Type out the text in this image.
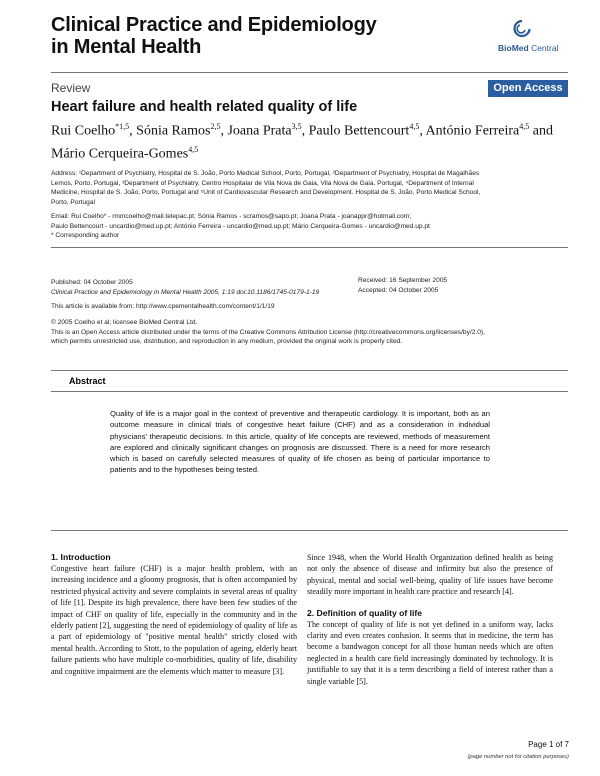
Clinical Practice and Epidemiology
in Mental Health	BioMed Central
Review	Open Access
Heart failure and health related quality of life
Rui Coelho$^{*1,5}$, Sónia Ramos$^{2,5}$, Joana Prata$^{3,5}$, Paulo Bettencourt$^{4,5}$, António Ferreira$^{4,5}$ and Mário Cerqueira-Gomes$^{4,5}$
Address: ¹Department of Psychiatry, Hospital de S. João, Porto Medical School, Porto, Portugal, ²Department of Psychiatry, Hospital de Magalhães
Lemos, Porto, Portugal, ³Department of Psychiatry, Centro Hospitalar de Vila Nova de Gaia, Vila Nova de Gaia, Portugal, ⁴Department of Internal
Medicine, Hospital de S. João, Porto, Portugal and ⁵Unit of Cardiovascular Research and Development. Hospital de S. João, Porto Medical School,
Porto, Portugal
Email: Rui Coelho* - rmmcoelho@mail.telepac.pt; Sónia Ramos - scramos@sapo.pt; Joana Prata - joanappr@hotmail.com;
Paulo Bettencourt - uncardio@med.up.pt; António Ferreira - uncardio@med.up.pt; Mário Cerqueira-Gomes - uncardio@med.up.pt
* Corresponding author
Published: 04 October 2005
Clinical Practice and Epidemiology in Mental Health 2005, 1:19 doi:10.1186/1745-0179-1-19
Received: 16 September 2005
Accepted: 04 October 2005
This article is available from: http://www.cpementalhealth.com/content/1/1/19
© 2005 Coelho et al; licensee BioMed Central Ltd.
This is an Open Access article distributed under the terms of the Creative Commons Attribution License (http://creativecommons.org/licenses/by/2.0),
which permits unrestricted use, distribution, and reproduction in any medium, provided the original work is properly cited.
Abstract
Quality of life is a major goal in the context of preventive and therapeutic cardiology. It is important, both as an outcome measure in clinical trials of congestive heart failure (CHF) and as a consideration in individual physicians' therapeutic decisions. In this article, quality of life concepts are reviewed, methods of measurement are explored and clinically significant changes on prognosis are discussed. There is a need for more research which is based on carefully selected measures of quality of life chosen as being of particular importance to patients and to the hypotheses being tested.
1. Introduction

Congestive heart failure (CHF) is a major health problem, with an increasing incidence and a gloomy prognosis, that is often accompanied by restricted physical activity and severe complaints in several areas of quality of life [1]. Despite its high prevalence, there have been few studies of the impact of CHF on quality of life, especially in the community and in the elderly patient [2], suggesting the need of epidemiology of quality of life as a part of epidemiology of "positive mental health" strictly closed with mental health. According to Stott, to the population of ageing, elderly heart failure patients who have multiple co-morbidities, quality of life, disability and cognitive impairment are the elements which matter to measure [3].

Since 1948, when the World Health Organization defined health as being not only the absence of disease and infirmity but also the presence of physical, mental and social well-being, quality of life issues have become steadily more important in health care practice and research [4].

2. Definition of quality of life

The concept of quality of life is not yet defined in a uniform way, lacks clarity and even creates confusion. It seems that in medicine, the term has become a bandwagon concept for all those human needs which are often neglected in a health care field increasingly dominated by technology. It is justifiable to say that it is a term describing a field of interest rather than a single variable [5].

Page 1 of 7
(page number not for citation purposes)
